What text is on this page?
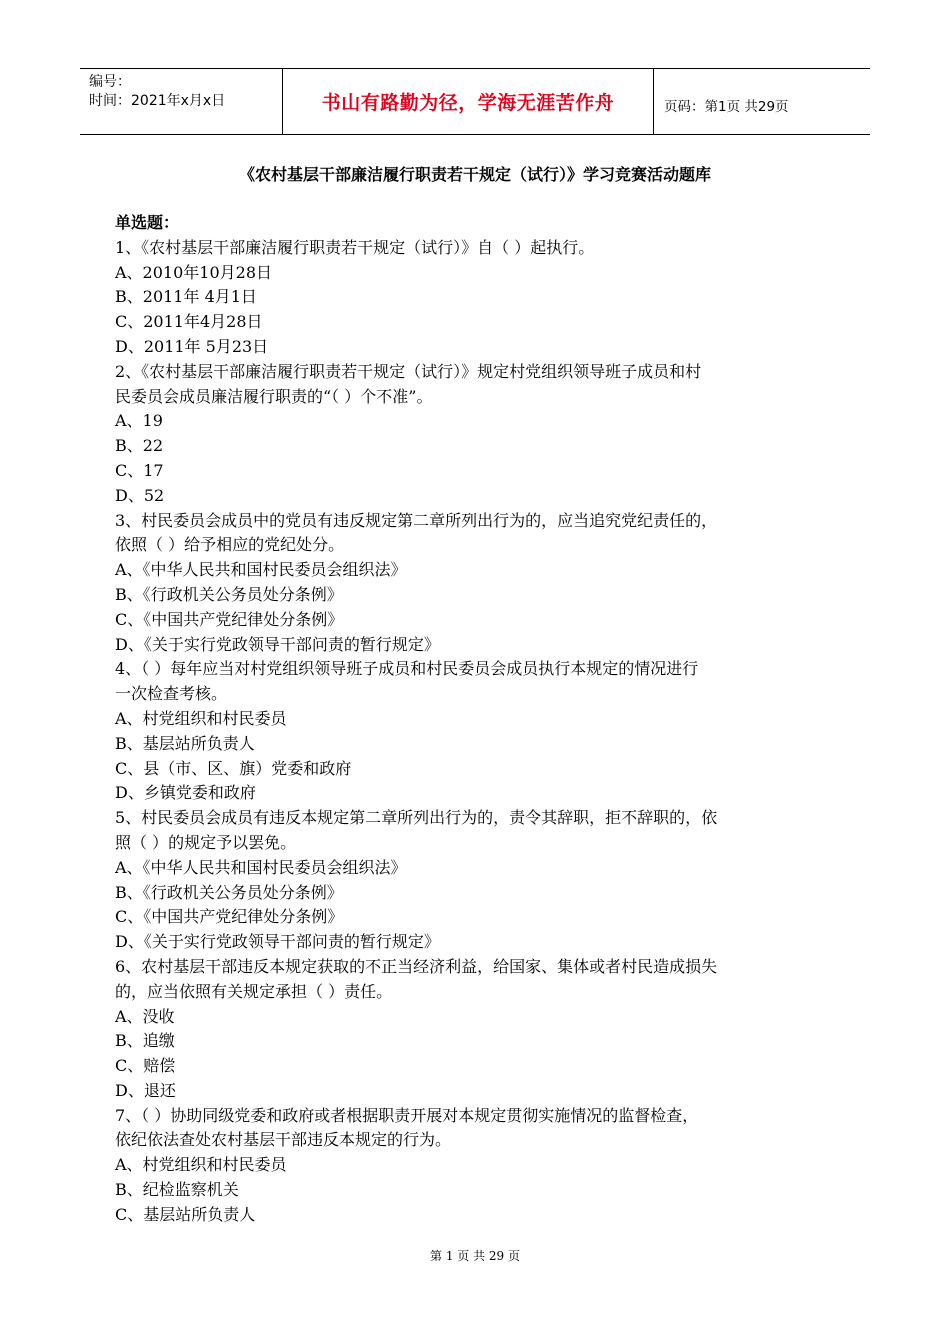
编号：
时间：2021年x月x日	书山有路勤为径，学海无涯苦作舟	页码：第1页 共29页
《农村基层干部廉洁履行职责若干规定（试行）》学习竞赛活动题库
单选题：
1、《农村基层干部廉洁履行职责若干规定（试行）》自（ ）起执行。
A、2010年10月28日
B、2011年 4月1日
C、2011年4月28日
D、2011年 5月23日
2、《农村基层干部廉洁履行职责若干规定（试行）》规定村党组织领导班子成员和村
民委员会成员廉洁履行职责的“（ ）个不准”。
A、19
B、22
C、17
D、52
3、村民委员会成员中的党员有违反规定第二章所列出行为的，应当追究党纪责任的，
依照（ ）给予相应的党纪处分。
A、《中华人民共和国村民委员会组织法》
B、《行政机关公务员处分条例》
C、《中国共产党纪律处分条例》
D、《关于实行党政领导干部问责的暂行规定》
4、（ ）每年应当对村党组织领导班子成员和村民委员会成员执行本规定的情况进行
一次检查考核。
A、村党组织和村民委员
B、基层站所负责人
C、县（市、区、旗）党委和政府
D、乡镇党委和政府
5、村民委员会成员有违反本规定第二章所列出行为的，责令其辞职，拒不辞职的，依
照（ ）的规定予以罢免。
A、《中华人民共和国村民委员会组织法》
B、《行政机关公务员处分条例》
C、《中国共产党纪律处分条例》
D、《关于实行党政领导干部问责的暂行规定》
6、农村基层干部违反本规定获取的不正当经济利益，给国家、集体或者村民造成损失
的，应当依照有关规定承担（ ）责任。
A、没收
B、追缴
C、赔偿
D、退还
7、（ ）协助同级党委和政府或者根据职责开展对本规定贯彻实施情况的监督检查，
依纪依法查处农村基层干部违反本规定的行为。
A、村党组织和村民委员
B、纪检监察机关
C、基层站所负责人
第 1 页 共 29 页
